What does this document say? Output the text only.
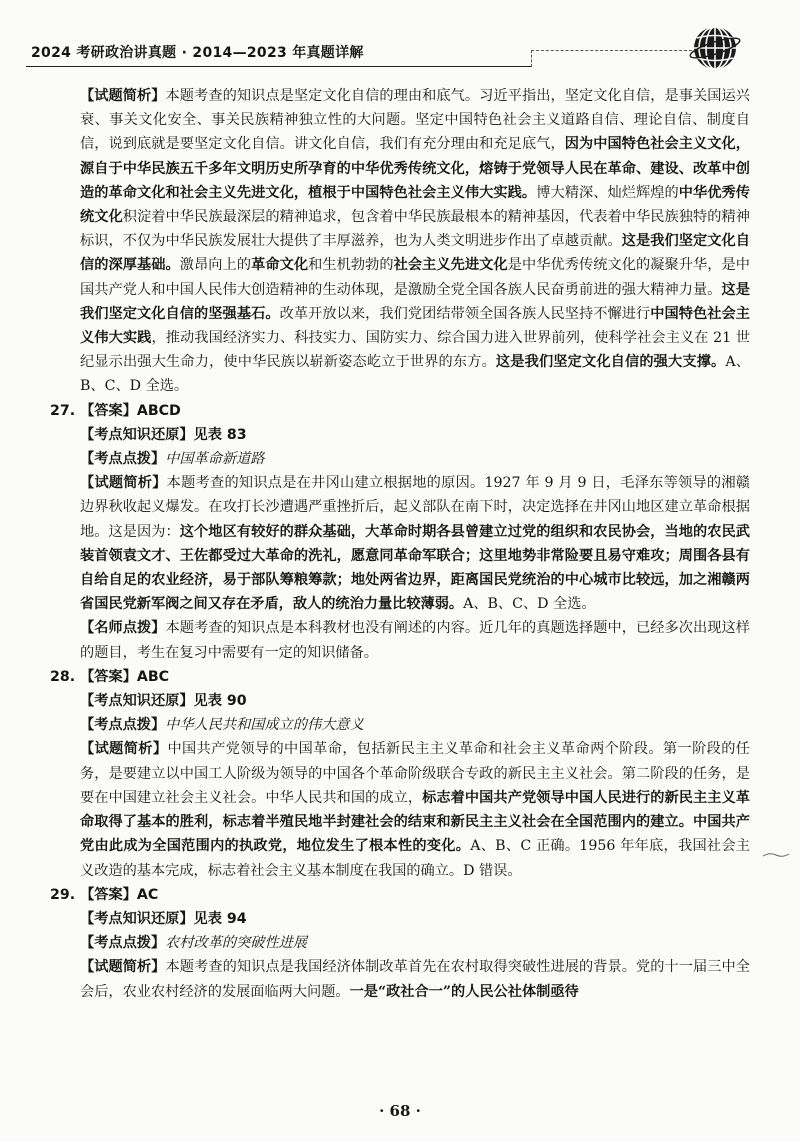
2024 考研政治讲真题 · 2014—2023 年真题详解

【试题简析】本题考查的知识点是坚定文化自信的理由和底气。习近平指出，坚定文化自信，是事关国运兴衰、事关文化安全、事关民族精神独立性的大问题。坚定中国特色社会主义道路自信、理论自信、制度自信，说到底就是要坚定文化自信。讲文化自信，我们有充分理由和充足底气，因为中国特色社会主义文化，源自于中华民族五千多年文明历史所孕育的中华优秀传统文化，熔铸于党领导人民在革命、建设、改革中创造的革命文化和社会主义先进文化，植根于中国特色社会主义伟大实践。博大精深、灿烂辉煌的中华优秀传统文化积淀着中华民族最深层的精神追求，包含着中华民族最根本的精神基因，代表着中华民族独特的精神标识，不仅为中华民族发展壮大提供了丰厚滋养，也为人类文明进步作出了卓越贡献。这是我们坚定文化自信的深厚基础。激昂向上的革命文化和生机勃勃的社会主义先进文化是中华优秀传统文化的凝聚升华，是中国共产党人和中国人民伟大创造精神的生动体现，是激励全党全国各族人民奋勇前进的强大精神力量。这是我们坚定文化自信的坚强基石。改革开放以来，我们党团结带领全国各族人民坚持不懈进行中国特色社会主义伟大实践，推动我国经济实力、科技实力、国防实力、综合国力进入世界前列，使科学社会主义在 21 世纪显示出强大生命力，使中华民族以崭新姿态屹立于世界的东方。这是我们坚定文化自信的强大支撑。A、B、C、D 全选。

27. 【答案】ABCD

【考点知识还原】见表 83

【考点点拨】中国革命新道路

【试题简析】本题考查的知识点是在井冈山建立根据地的原因。1927 年 9 月 9 日，毛泽东等领导的湘赣边界秋收起义爆发。在攻打长沙遭遇严重挫折后，起义部队在南下时，决定选择在井冈山地区建立革命根据地。这是因为：这个地区有较好的群众基础，大革命时期各县曾建立过党的组织和农民协会，当地的农民武装首领袁文才、王佐都受过大革命的洗礼，愿意同革命军联合；这里地势非常险要且易守难攻；周围各县有自给自足的农业经济，易于部队筹粮筹款；地处两省边界，距离国民党统治的中心城市比较远，加之湘赣两省国民党新军阀之间又存在矛盾，敌人的统治力量比较薄弱。A、B、C、D 全选。

【名师点拨】本题考查的知识点是本科教材也没有阐述的内容。近几年的真题选择题中，已经多次出现这样的题目，考生在复习中需要有一定的知识储备。

28. 【答案】ABC

【考点知识还原】见表 90

【考点点拨】中华人民共和国成立的伟大意义

【试题简析】中国共产党领导的中国革命，包括新民主主义革命和社会主义革命两个阶段。第一阶段的任务，是要建立以中国工人阶级为领导的中国各个革命阶级联合专政的新民主主义社会。第二阶段的任务，是要在中国建立社会主义社会。中华人民共和国的成立，标志着中国共产党领导中国人民进行的新民主主义革命取得了基本的胜利，标志着半殖民地半封建社会的结束和新民主主义社会在全国范围内的建立。中国共产党由此成为全国范围内的执政党，地位发生了根本性的变化。A、B、C 正确。1956 年年底，我国社会主义改造的基本完成，标志着社会主义基本制度在我国的确立。D 错误。

29. 【答案】AC

【考点知识还原】见表 94

【考点点拨】农村改革的突破性进展

【试题简析】本题考查的知识点是我国经济体制改革首先在农村取得突破性进展的背景。党的十一届三中全会后，农业农村经济的发展面临两大问题。一是“政社合一”的人民公社体制亟待

· 68 ·
